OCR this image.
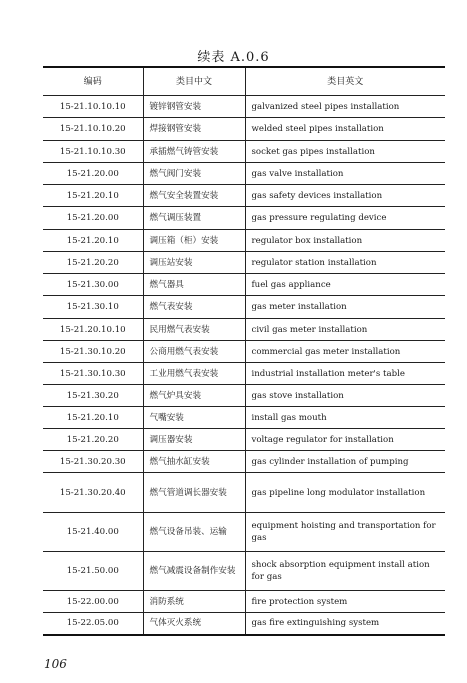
续表 A.0.6
编码	类目中文	类目英文
15-21.10.10.10	镀锌钢管安装	galvanized steel pipes installation
15-21.10.10.20	焊接钢管安装	welded steel pipes installation
15-21.10.10.30	承插燃气铸管安装	socket gas pipes installation
15-21.20.00	燃气阀门安装	gas valve installation
15-21.20.10	燃气安全装置安装	gas safety devices installation
15-21.20.00	燃气调压装置	gas pressure regulating device
15-21.20.10	调压箱（柜）安装	regulator box installation
15-21.20.20	调压站安装	regulator station installation
15-21.30.00	燃气器具	fuel gas appliance
15-21.30.10	燃气表安装	gas meter installation
15-21.20.10.10	民用燃气表安装	civil gas meter installation
15-21.30.10.20	公商用燃气表安装	commercial gas meter installation
15-21.30.10.30	工业用燃气表安装	industrial installation meter's table
15-21.30.20	燃气炉具安装	gas stove installation
15-21.20.10	气嘴安装	install gas mouth
15-21.20.20	调压器安装	voltage regulator for installation
15-21.30.20.30	燃气抽水缸安装	gas cylinder installation of pumping
15-21.30.20.40	燃气管道调长器安装	gas pipeline long modulator installation
15-21.40.00	燃气设备吊装、运输	equipment hoisting and transportation for gas
15-21.50.00	燃气减震设备制作安装	shock absorption equipment install ation for gas
15-22.00.00	消防系统	fire protection system
15-22.05.00	气体灭火系统	gas fire extinguishing system
106
